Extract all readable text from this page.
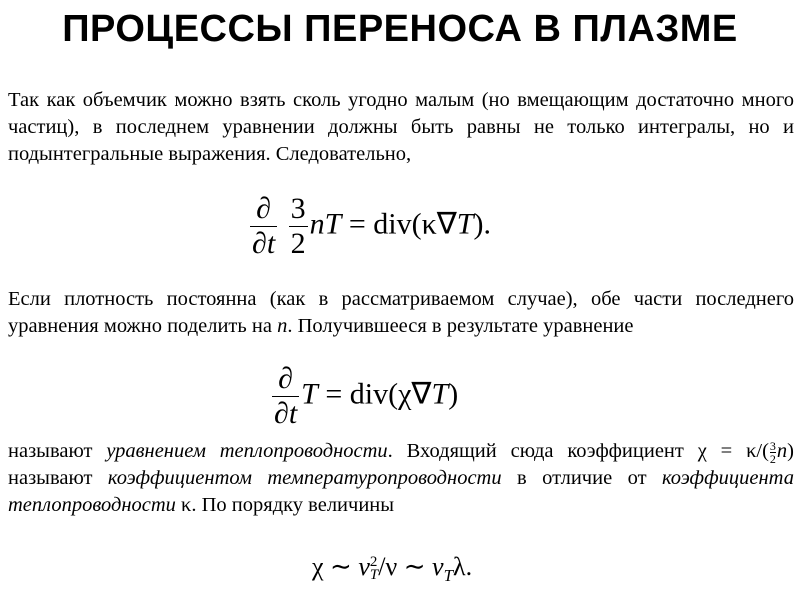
ПРОЦЕССЫ ПЕРЕНОСА В ПЛАЗМЕ
Так как объемчик можно взять сколь угодно малым (но вмещающим достаточно много частиц), в последнем уравнении должны быть равны не только интегралы, но и подынтегральные выражения. Следовательно,
$\frac{\partial}{\partial t}$
$\frac{3}{2}$ nT = div(κ∇T).
Если плотность постоянна (как в рассматриваемом случае), обе части последнего уравнения можно поделить на n. Получившееся в результате уравнение
$\frac{\partial}{\partial t}$ T = div(χ∇T)
называют уравнением теплопроводности. Входящий сюда коэффициент $\chi = \kappa/( \frac{3}{2} n)$ называют коэффициентом температуропроводности в отличие от коэффициента теплопроводности κ. По порядку величины
χ ∼ v 2
T /ν ∼ $v_T\lambda$.
